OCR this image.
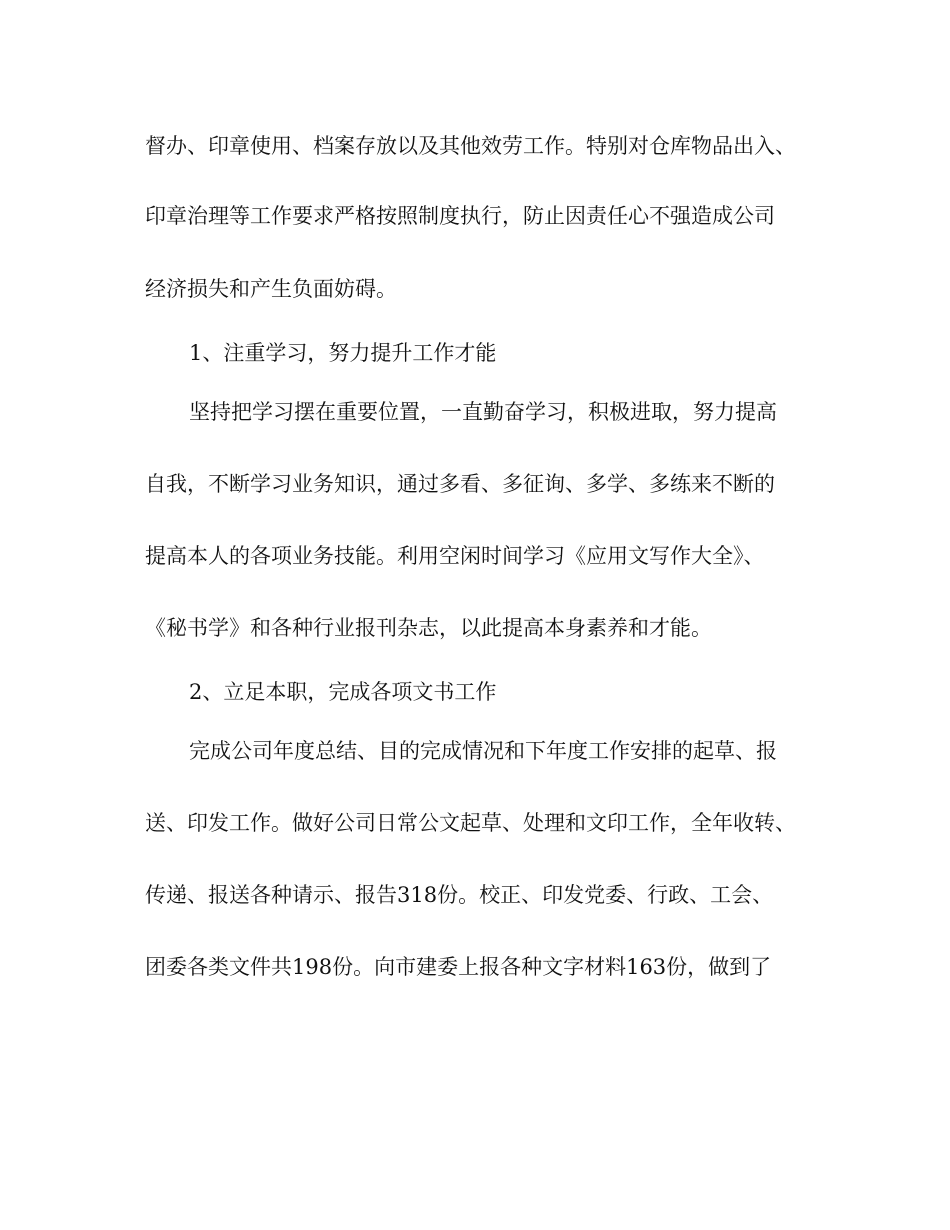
督办、印章使用、档案存放以及其他效劳工作。特别对仓库物品出入、
印章治理等工作要求严格按照制度执行，防止因责任心不强造成公司
经济损失和产生负面妨碍。
1、注重学习，努力提升工作才能
坚持把学习摆在重要位置，一直勤奋学习，积极进取，努力提高
自我，不断学习业务知识，通过多看、多征询、多学、多练来不断的
提高本人的各项业务技能。利用空闲时间学习《应用文写作大全》、
《秘书学》和各种行业报刊杂志，以此提高本身素养和才能。
2、立足本职，完成各项文书工作
完成公司年度总结、目的完成情况和下年度工作安排的起草、报
送、印发工作。做好公司日常公文起草、处理和文印工作，全年收转、
传递、报送各种请示、报告318份。校正、印发党委、行政、工会、
团委各类文件共198份。向市建委上报各种文字材料163份，做到了
